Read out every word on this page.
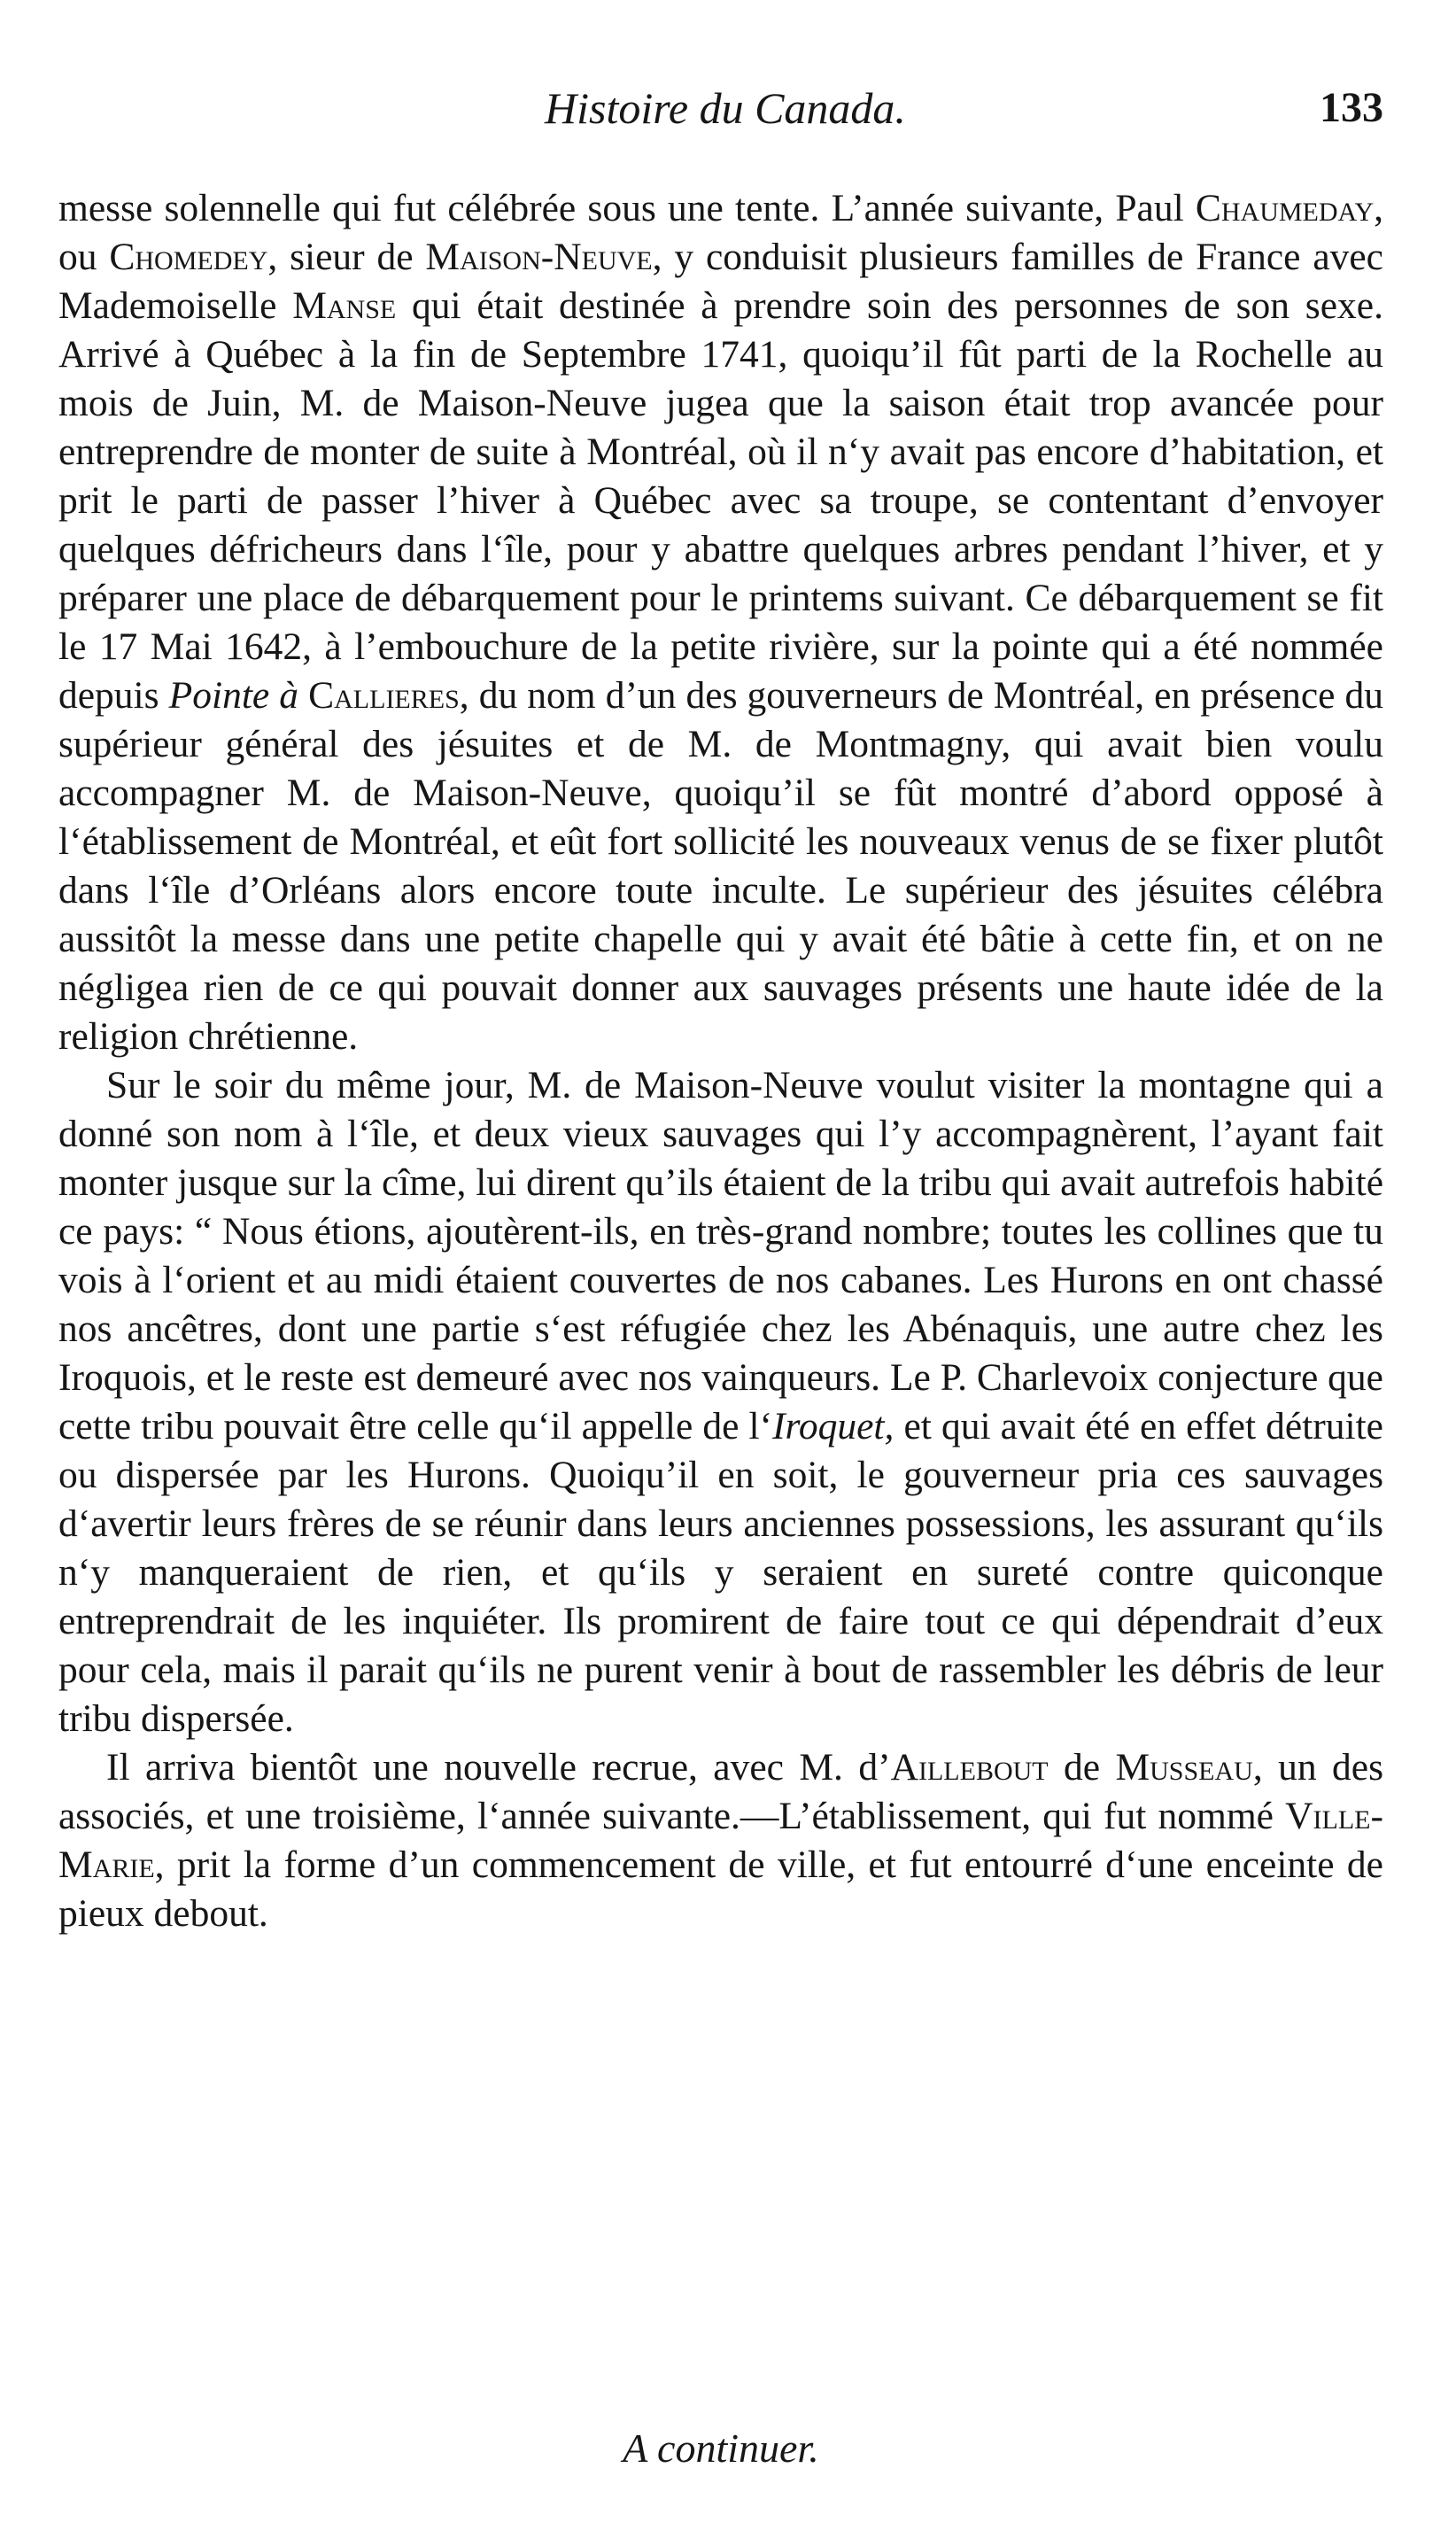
Histoire du Canada.	133

messe solennelle qui fut célébrée sous une tente. L’année suivante, Paul Chaumeday, ou Chomedey, sieur de Maison-Neuve, y conduisit plusieurs familles de France avec Mademoiselle Manse qui était destinée à prendre soin des personnes de son sexe. Arrivé à Québec à la fin de Septembre 1741, quoiqu’il fût parti de la Rochelle au mois de Juin, M. de Maison-Neuve jugea que la saison était trop avancée pour entreprendre de monter de suite à Montréal, où il n‘y avait pas encore d’habitation, et prit le parti de passer l’hiver à Québec avec sa troupe, se contentant d’envoyer quelques défricheurs dans l‘île, pour y abattre quelques arbres pendant l’hiver, et y préparer une place de débarquement pour le printems suivant. Ce débarquement se fit le 17 Mai 1642, à l’embouchure de la petite rivière, sur la pointe qui a été nommée depuis Pointe à Callieres, du nom d’un des gouverneurs de Montréal, en présence du supérieur général des jésuites et de M. de Montmagny, qui avait bien voulu accompagner M. de Maison-Neuve, quoiqu’il se fût montré d’abord opposé à l‘établissement de Montréal, et eût fort sollicité les nouveaux venus de se fixer plutôt dans l‘île d’Orléans alors encore toute inculte. Le supérieur des jésuites célébra aussitôt la messe dans une petite chapelle qui y avait été bâtie à cette fin, et on ne négligea rien de ce qui pouvait donner aux sauvages présents une haute idée de la religion chrétienne.

Sur le soir du même jour, M. de Maison-Neuve voulut visiter la montagne qui a donné son nom à l‘île, et deux vieux sauvages qui l’y accompagnèrent, l’ayant fait monter jusque sur la cîme, lui dirent qu’ils étaient de la tribu qui avait autrefois habité ce pays: “ Nous étions, ajoutèrent-ils, en très-grand nombre; toutes les collines que tu vois à l‘orient et au midi étaient couvertes de nos cabanes. Les Hurons en ont chassé nos ancêtres, dont une partie s‘est réfugiée chez les Abénaquis, une autre chez les Iroquois, et le reste est demeuré avec nos vainqueurs. Le P. Charlevoix conjecture que cette tribu pouvait être celle qu‘il appelle de l‘Iroquet, et qui avait été en effet détruite ou dispersée par les Hurons. Quoiqu’il en soit, le gouverneur pria ces sauvages d‘avertir leurs frères de se réunir dans leurs anciennes possessions, les assurant qu‘ils n‘y manqueraient de rien, et qu‘ils y seraient en sureté contre quiconque entreprendrait de les inquiéter. Ils promirent de faire tout ce qui dépendrait d’eux pour cela, mais il parait qu‘ils ne purent venir à bout de rassembler les débris de leur tribu dispersée.

Il arriva bientôt une nouvelle recrue, avec M. d’Aillebout de Musseau, un des associés, et une troisième, l‘année suivante.—L’établissement, qui fut nommé Ville-Marie, prit la forme d’un commencement de ville, et fut entourré d‘une enceinte de pieux debout.

A continuer.
